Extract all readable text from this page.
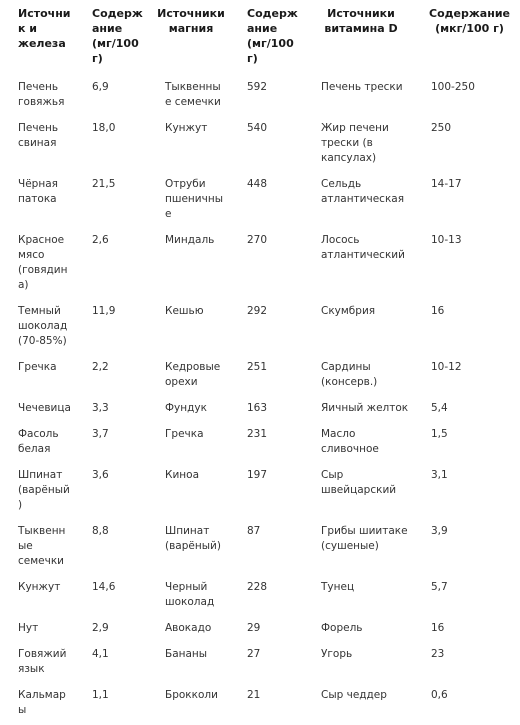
Источник и железа	Содержание (мг/100 г)	Источники магния	Содержание (мг/100 г)	Источники витамина D	Содержание (мкг/100 г)
Печень говяжья	6,9	Тыквенные семечки	592	Печень трески	100-250
Печень свиная	18,0	Кунжут	540	Жир печени трески (в капсулах)	250
Чёрная патока	21,5	Отруби пшеничные	448	Сельдь атлантическая	14-17
Красное мясо (говядина)	2,6	Миндаль	270	Лосось атлантический	10-13
Темный шоколад (70-85%)	11,9	Кешью	292	Скумбрия	16
Гречка	2,2	Кедровые орехи	251	Сардины (консерв.)	10-12
Чечевица	3,3	Фундук	163	Яичный желток	5,4
Фасоль белая	3,7	Гречка	231	Масло сливочное	1,5
Шпинат (варёный)	3,6	Киноа	197	Сыр швейцарский	3,1
Тыквенные семечки	8,8	Шпинат (варёный)	87	Грибы шиитаке (сушеные)	3,9
Кунжут	14,6	Черный шоколад	228	Тунец	5,7
Нут	2,9	Авокадо	29	Форель	16
Говяжий язык	4,1	Бананы	27	Угорь	23
Кальмары	1,1	Брокколи	21	Сыр чеддер	0,6
